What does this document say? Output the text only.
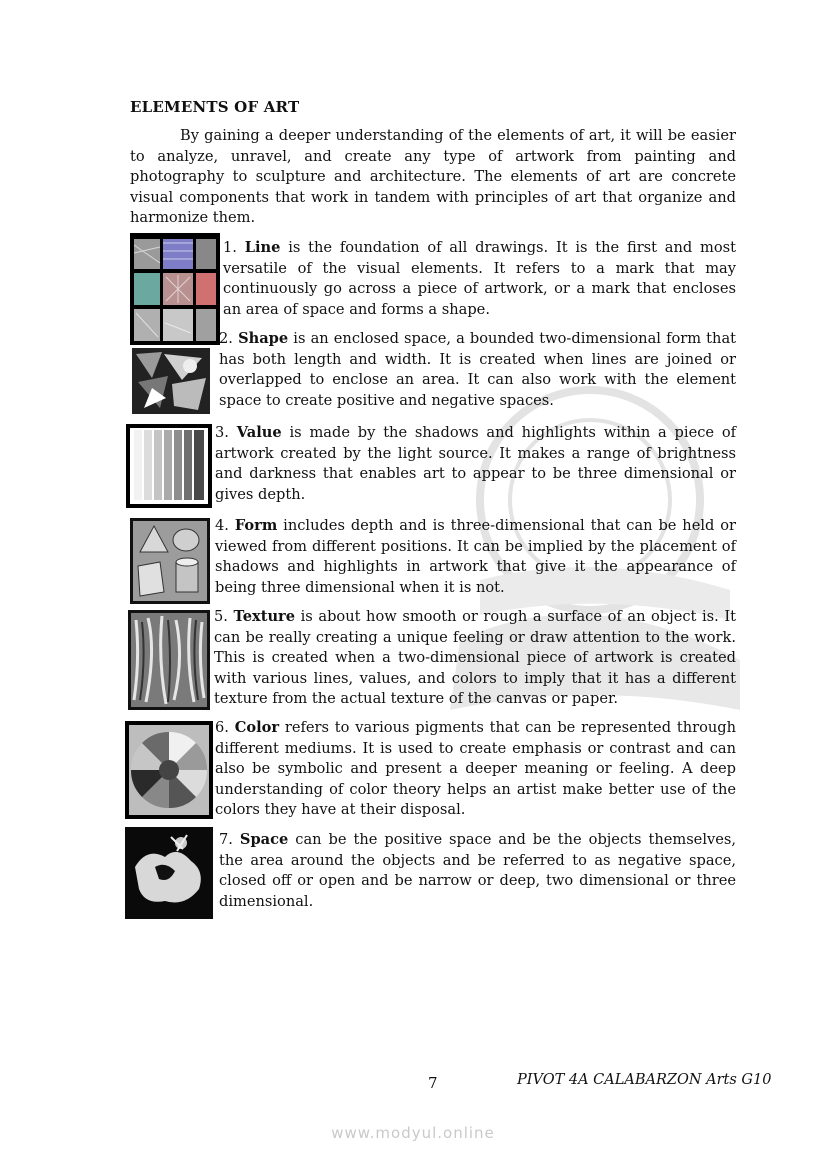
ELEMENTS OF ART
By gaining a deeper understanding of the elements of art, it will be easier to analyze, unravel, and create any type of artwork from painting and photography to sculpture and architecture. The elements of art are concrete visual components that work in tandem with principles of art that organize and harmonize them.
1. Line is the foundation of all drawings. It is the first and most versatile of the visual elements. It refers to a mark that may continuously go across a piece of artwork, or a mark that encloses an area of space and forms a shape.
2. Shape is an enclosed space, a bounded two-dimensional form that has both length and width. It is created when lines are joined or overlapped to enclose an area. It can also work with the element space to create positive and negative spaces.
3. Value is made by the shadows and highlights within a piece of artwork created by the light source. It makes a range of brightness and darkness that enables art to appear to be three dimensional or gives depth.
4. Form includes depth and is three-dimensional that can be held or viewed from different positions. It can be implied by the placement of shadows and highlights in artwork that give it the appearance of being three dimensional when it is not.
5. Texture is about how smooth or rough a surface of an object is. It can be really creating a unique feeling or draw attention to the work. This is created when a two-dimensional piece of artwork is created with various lines, values, and colors to imply that it has a different texture from the actual texture of the canvas or paper.
6. Color refers to various pigments that can be represented through different mediums. It is used to create emphasis or contrast and can also be symbolic and present a deeper meaning or feeling. A deep understanding of color theory helps an artist make better use of the colors they have at their disposal.
7. Space can be the positive space and be the objects themselves, the area around the objects and be referred to as negative space, closed off or open and be narrow or deep, two dimensional or three dimensional.
7	PIVOT 4A CALABARZON Arts G10
www.modyul.online
